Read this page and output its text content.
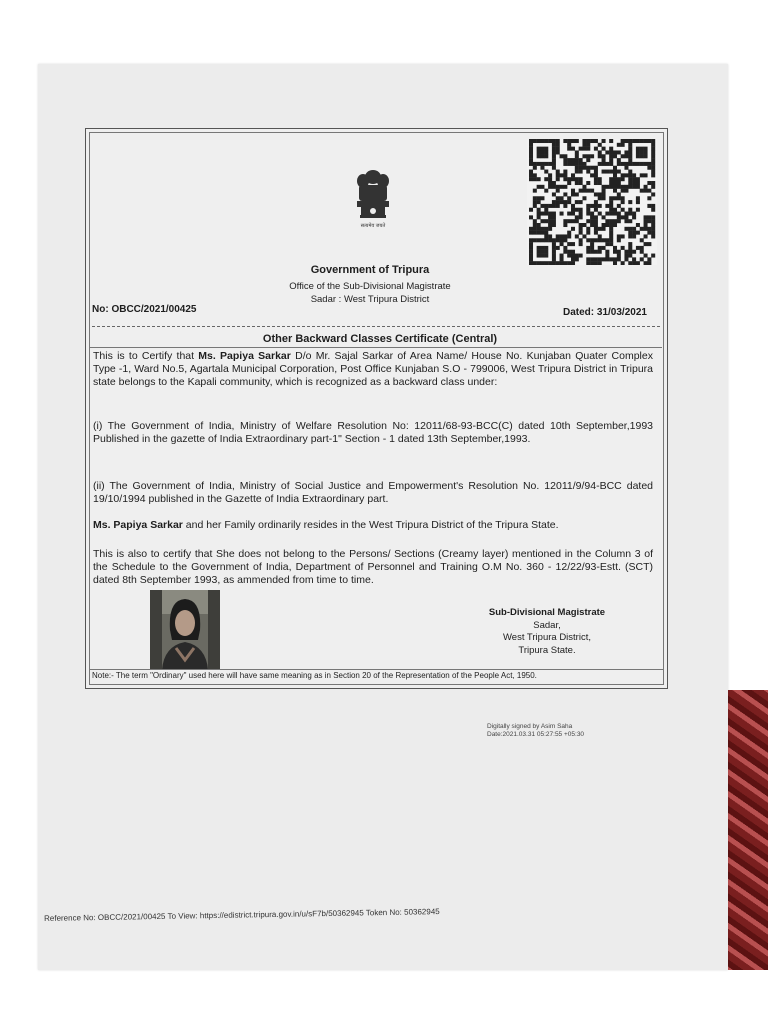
सत्यमेव जयते
Government of Tripura
Office of the Sub-Divisional Magistrate
Sadar : West Tripura District
No: OBCC/2021/00425	Dated: 31/03/2021
Other Backward Classes Certificate (Central)
This is to Certify that Ms. Papiya Sarkar D/o Mr. Sajal Sarkar of Area Name/ House No. Kunjaban Quater Complex Type -1, Ward No.5, Agartala Municipal Corporation, Post Office Kunjaban S.O - 799006, West Tripura District in Tripura state belongs to the Kapali community, which is recognized as a backward class under:
(i) The Government of India, Ministry of Welfare Resolution No: 12011/68-93-BCC(C) dated 10th September,1993 Published in the gazette of India Extraordinary part-1" Section - 1 dated 13th September,1993.
(ii) The Government of India, Ministry of Social Justice and Empowerment's Resolution No. 12011/9/94-BCC dated 19/10/1994 published in the Gazette of India Extraordinary part.
Ms. Papiya Sarkar and her Family ordinarily resides in the West Tripura District of the Tripura State.
This is also to certify that She does not belong to the Persons/ Sections (Creamy layer) mentioned in the Column 3 of the Schedule to the Government of India, Department of Personnel and Training O.M No. 360 - 12/22/93-Estt. (SCT) dated 8th September 1993, as ammended from time to time.
Sub-Divisional Magistrate
Sadar,
West Tripura District,
Tripura State.
Note:- The term "Ordinary" used here will have same meaning as in Section 20 of the Representation of the People Act, 1950.
Digitally signed by Asim Saha
Date:2021.03.31 05:27:55 +05:30
Reference No: OBCC/2021/00425 To View: https://edistrict.tripura.gov.in/u/sF7b/50362945 Token No: 50362945
